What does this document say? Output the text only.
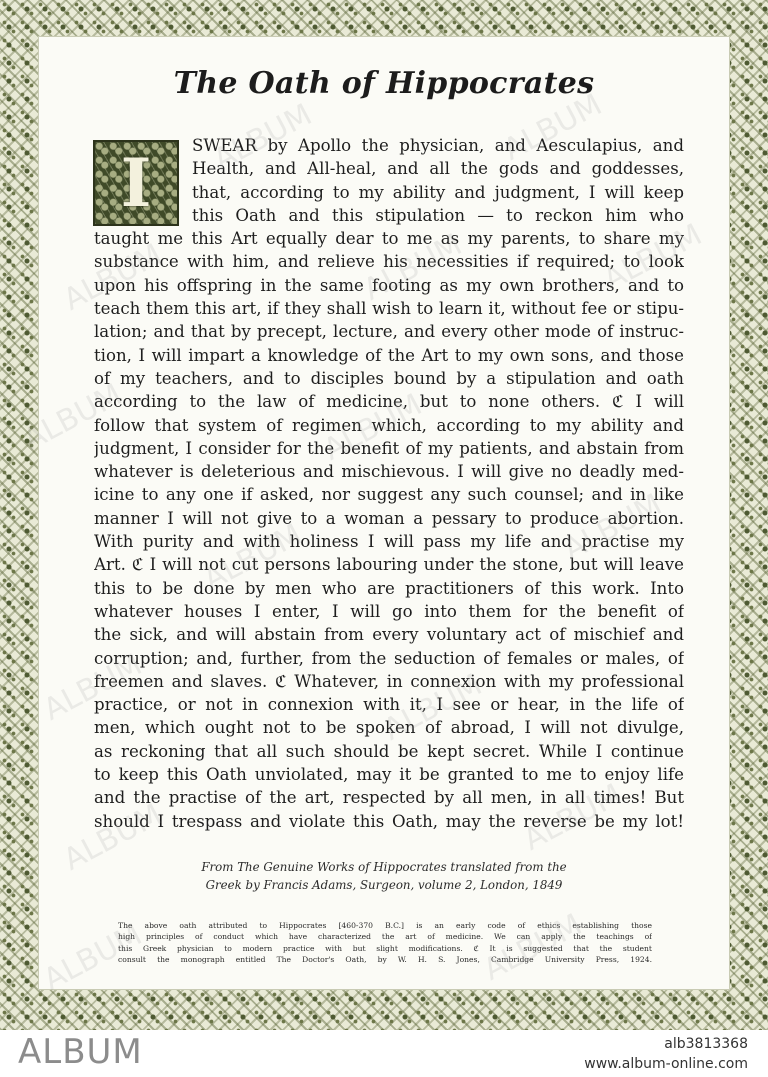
The Oath of Hippocrates
I	SWEAR by Apollo the physician, and Aesculapius, and
Health, and All-heal, and all the gods and goddesses,
that, according to my ability and judgment, I will keep
this Oath and this stipulation — to reckon him who
taught me this Art equally dear to me as my parents, to share my
substance with him, and relieve his necessities if required; to look
upon his offspring in the same footing as my own brothers, and to
teach them this art, if they shall wish to learn it, without fee or stipu-
lation; and that by precept, lecture, and every other mode of instruc-
tion, I will impart a knowledge of the Art to my own sons, and those
of my teachers, and to disciples bound by a stipulation and oath
according to the law of medicine, but to none others. ℭ I will
follow that system of regimen which, according to my ability and
judgment, I consider for the benefit of my patients, and abstain from
whatever is deleterious and mischievous. I will give no deadly med-
icine to any one if asked, nor suggest any such counsel; and in like
manner I will not give to a woman a pessary to produce abortion.
With purity and with holiness I will pass my life and practise my
Art. ℭ I will not cut persons labouring under the stone, but will leave
this to be done by men who are practitioners of this work. Into
whatever houses I enter, I will go into them for the benefit of
the sick, and will abstain from every voluntary act of mischief and
corruption; and, further, from the seduction of females or males, of
freemen and slaves. ℭ Whatever, in connexion with my professional
practice, or not in connexion with it, I see or hear, in the life of
men, which ought not to be spoken of abroad, I will not divulge,
as reckoning that all such should be kept secret. While I continue
to keep this Oath unviolated, may it be granted to me to enjoy life
and the practise of the art, respected by all men, in all times! But
should I trespass and violate this Oath, may the reverse be my lot!
From The Genuine Works of Hippocrates translated from the
Greek by Francis Adams, Surgeon, volume 2, London, 1849
The above oath attributed to Hippocrates [460-370 B.C.] is an early code of ethics establishing those
high principles of conduct which have characterized the art of medicine. We can apply the teachings of
this Greek physician to modern practice with but slight modifications. ℭ It is suggested that the student
consult the monograph entitled The Doctor's Oath, by W. H. S. Jones, Cambridge University Press, 1924.
ALBUM	alb3813368
www.album-online.com
